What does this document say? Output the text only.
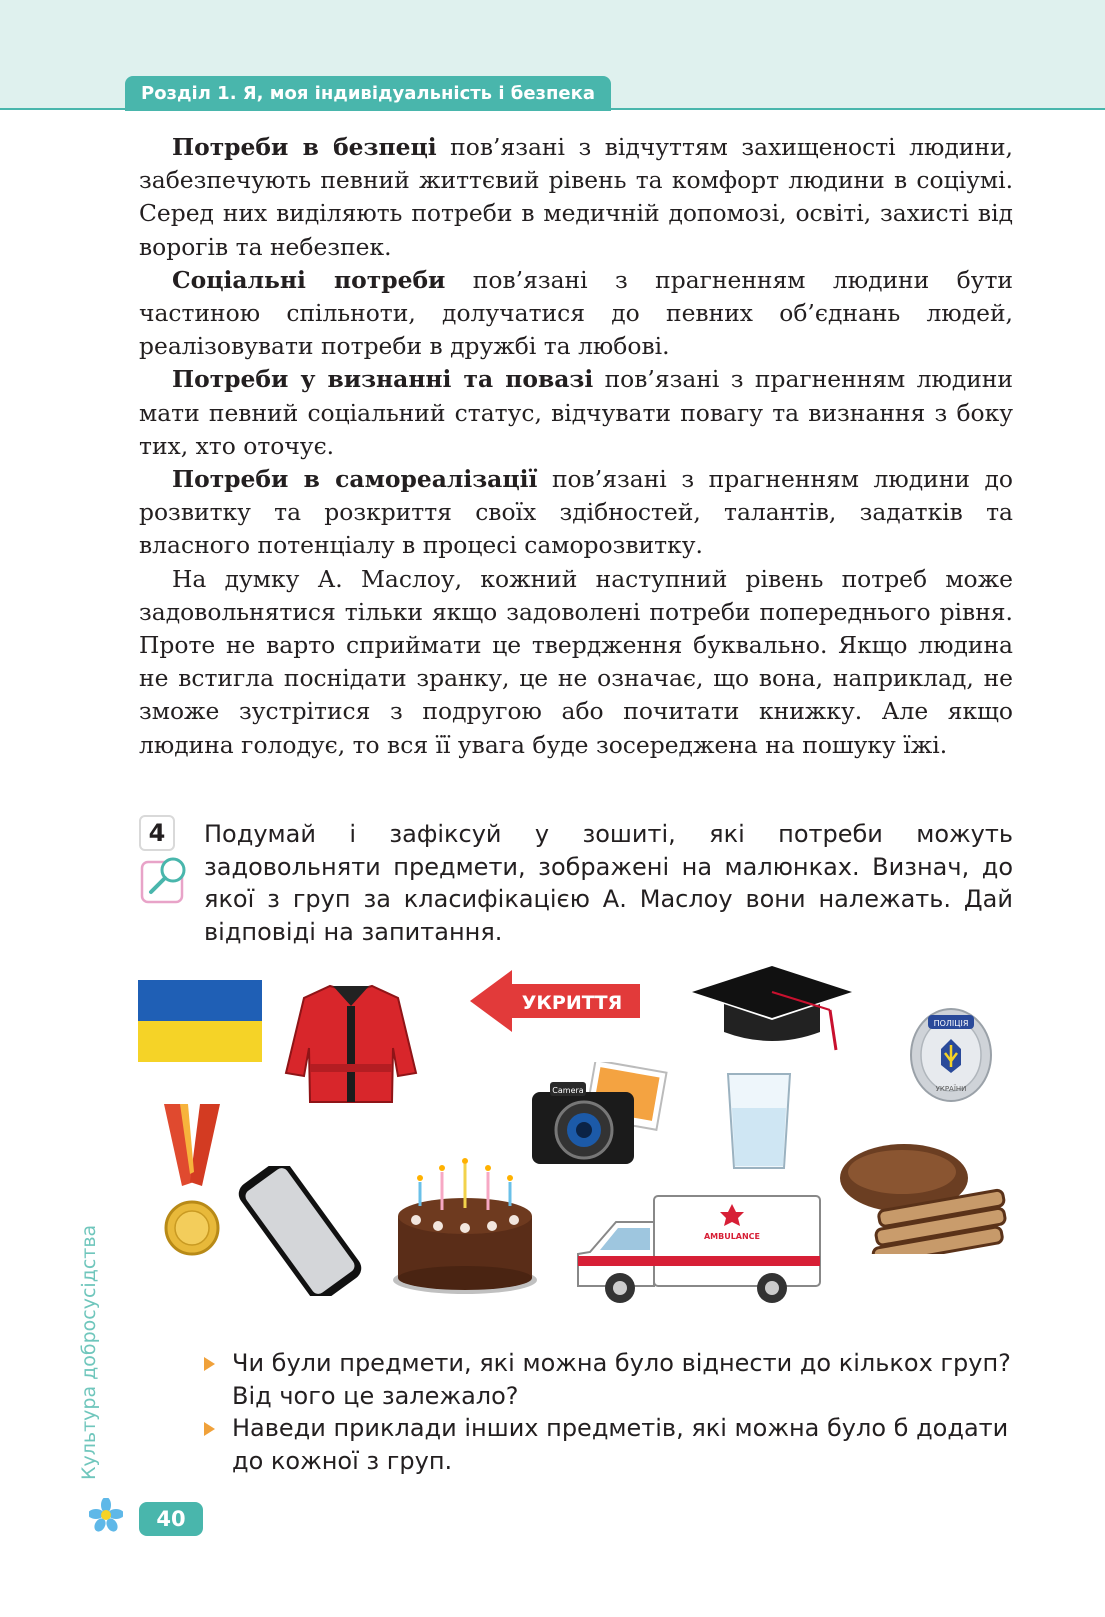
Розділ 1. Я, моя індивідуальність і безпека

Потреби в безпеці пов’язані з відчуттям захищеності людини, забезпечують певний життєвий рівень та комфорт людини в соціумі. Серед них виділяють потреби в медичній допомозі, освіті, захисті від ворогів та небезпек.

Соціальні потреби пов’язані з прагненням людини бути частиною спільноти, долучатися до певних об’єднань людей, реалізовувати потреби в дружбі та любові.

Потреби у визнанні та повазі пов’язані з прагненням людини мати певний соціальний статус, відчувати повагу та визнання з боку тих, хто оточує.

Потреби в самореалізації пов’язані з прагненням людини до розвитку та розкриття своїх здібностей, талантів, задатків та власного потенціалу в процесі саморозвитку.

На думку А. Маслоу, кожний наступний рівень потреб може задовольнятися тільки якщо задоволені потреби попереднього рівня. Проте не варто сприймати це твердження буквально. Якщо людина не встигла поснідати зранку, це не означає, що вона, наприклад, не зможе зустрітися з подругою або почитати книжку. Але якщо людина голодує, то вся її увага буде зосереджена на пошуку їжі.

4	Подумай і зафіксуй у зошиті, які потреби можуть задовольняти предмети, зображені на малюнках. Визнач, до якої з груп за класифікацією А. Маслоу вони належать. Дай відповіді на запитання.
УКРИТТЯ
ПОЛІЦІЯ
УКРАЇНИ
Camera
AMBULANCE
Чи були предмети, які можна було віднести до кількох груп? Від чого це залежало?
Наведи приклади інших предметів, які можна було б додати до кожної з груп.
Культура добросусідства
40
